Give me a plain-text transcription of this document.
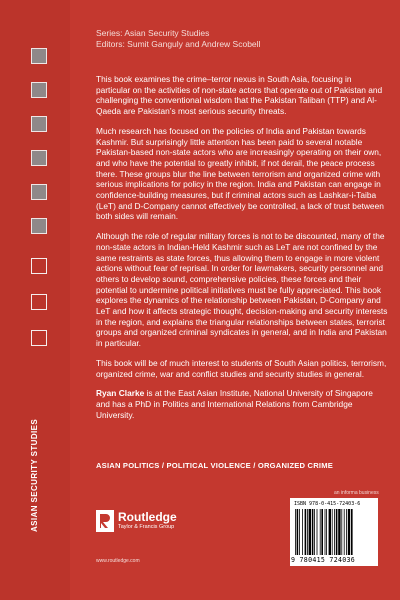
Series: Asian Security Studies
Editors: Sumit Ganguly and Andrew Scobell

This book examines the crime–terror nexus in South Asia, focusing in particular on the activities of non-state actors that operate out of Pakistan and challenging the conventional wisdom that the Pakistan Taliban (TTP) and Al-Qaeda are Pakistan’s most serious security threats.

Much research has focused on the policies of India and Pakistan towards Kashmir. But surprisingly little attention has been paid to several notable Pakistan-based non-state actors who are increasingly operating on their own, and who have the potential to greatly inhibit, if not derail, the peace process there. These groups blur the line between terrorism and organized crime with serious implications for policy in the region. India and Pakistan can engage in confidence-building measures, but if criminal actors such as Lashkar-i-Taiba (LeT) and D-Company cannot effectively be controlled, a lack of trust between both sides will remain.

Although the role of regular military forces is not to be discounted, many of the non-state actors in Indian-Held Kashmir such as LeT are not confined by the same restraints as state forces, thus allowing them to engage in more violent actions without fear of reprisal. In order for lawmakers, security personnel and others to develop sound, comprehensive policies, these forces and their potential to undermine political initiatives must be fully appreciated. This book explores the dynamics of the relationship between Pakistan, D-Company and LeT and how it affects strategic thought, decision-making and security interests in the region, and explains the triangular relationships between states, terrorist groups and organized criminal syndicates in general, and in India and Pakistan in particular.

This book will be of much interest to students of South Asian politics, terrorism, organized crime, war and conflict studies and security studies in general.

Ryan Clarke is at the East Asian Institute, National University of Singapore and has a PhD in Politics and International Relations from Cambridge University.

ASIAN SECURITY STUDIES	ASIAN POLITICS / POLITICAL VIOLENCE / ORGANIZED CRIME
an informa business
Routledge
Taylor & Francis Group
www.routledge.com
ISBN 978-0-415-72403-6
9 780415 724036
